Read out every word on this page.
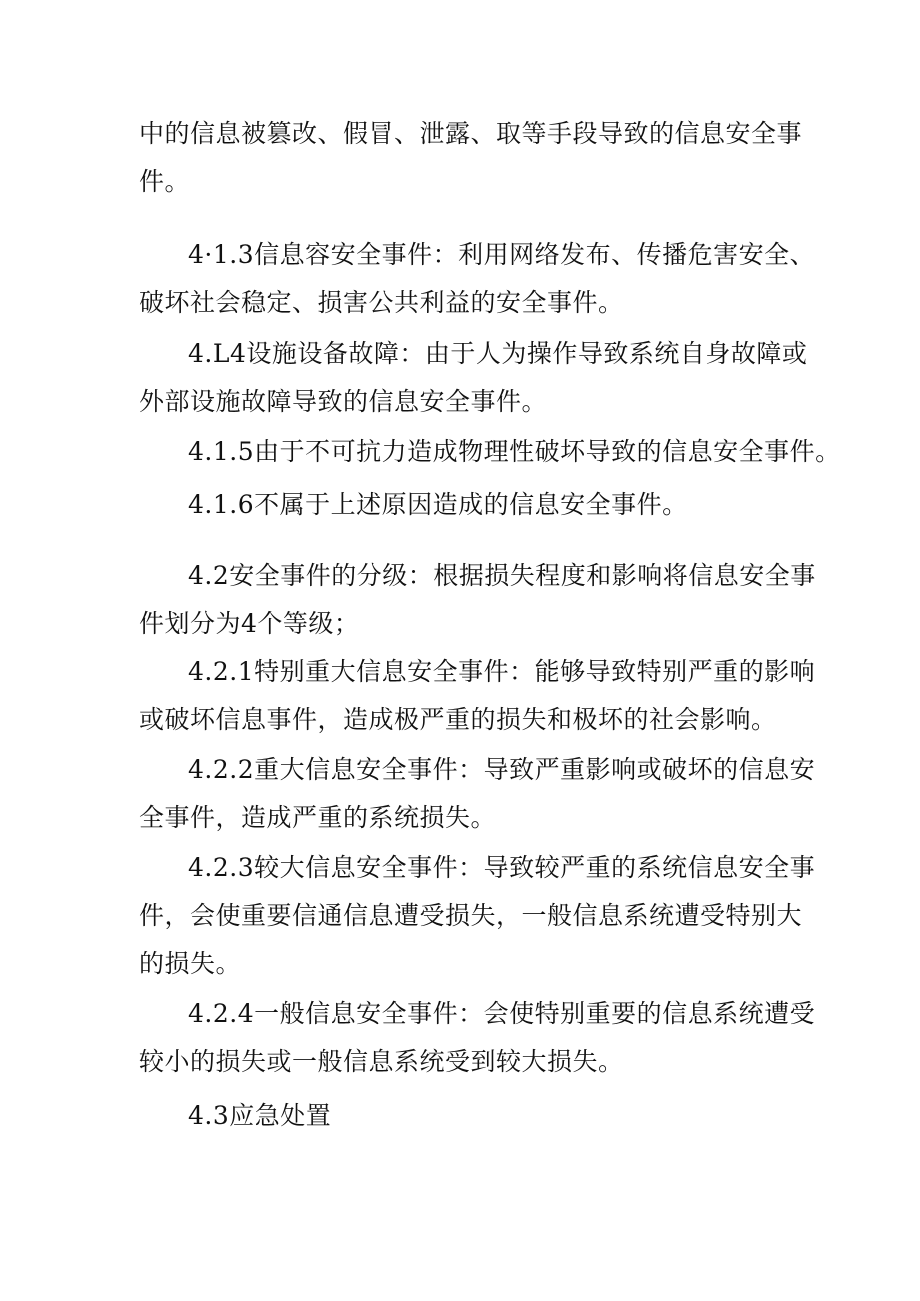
中的信息被篡改、假冒、泄露、取等手段导致的信息安全事
件。
4·1.3信息容安全事件：利用网络发布、传播危害安全、
破坏社会稳定、损害公共利益的安全事件。
4.L4设施设备故障：由于人为操作导致系统自身故障或
外部设施故障导致的信息安全事件。
4.1.5由于不可抗力造成物理性破坏导致的信息安全事件。
4.1.6不属于上述原因造成的信息安全事件。
4.2安全事件的分级：根据损失程度和影响将信息安全事
件划分为4个等级；
4.2.1特别重大信息安全事件：能够导致特别严重的影响
或破坏信息事件，造成极严重的损失和极坏的社会影响。
4.2.2重大信息安全事件：导致严重影响或破坏的信息安
全事件，造成严重的系统损失。
4.2.3较大信息安全事件：导致较严重的系统信息安全事
件，会使重要信通信息遭受损失，一般信息系统遭受特别大
的损失。
4.2.4一般信息安全事件：会使特别重要的信息系统遭受
较小的损失或一般信息系统受到较大损失。
4.3应急处置
